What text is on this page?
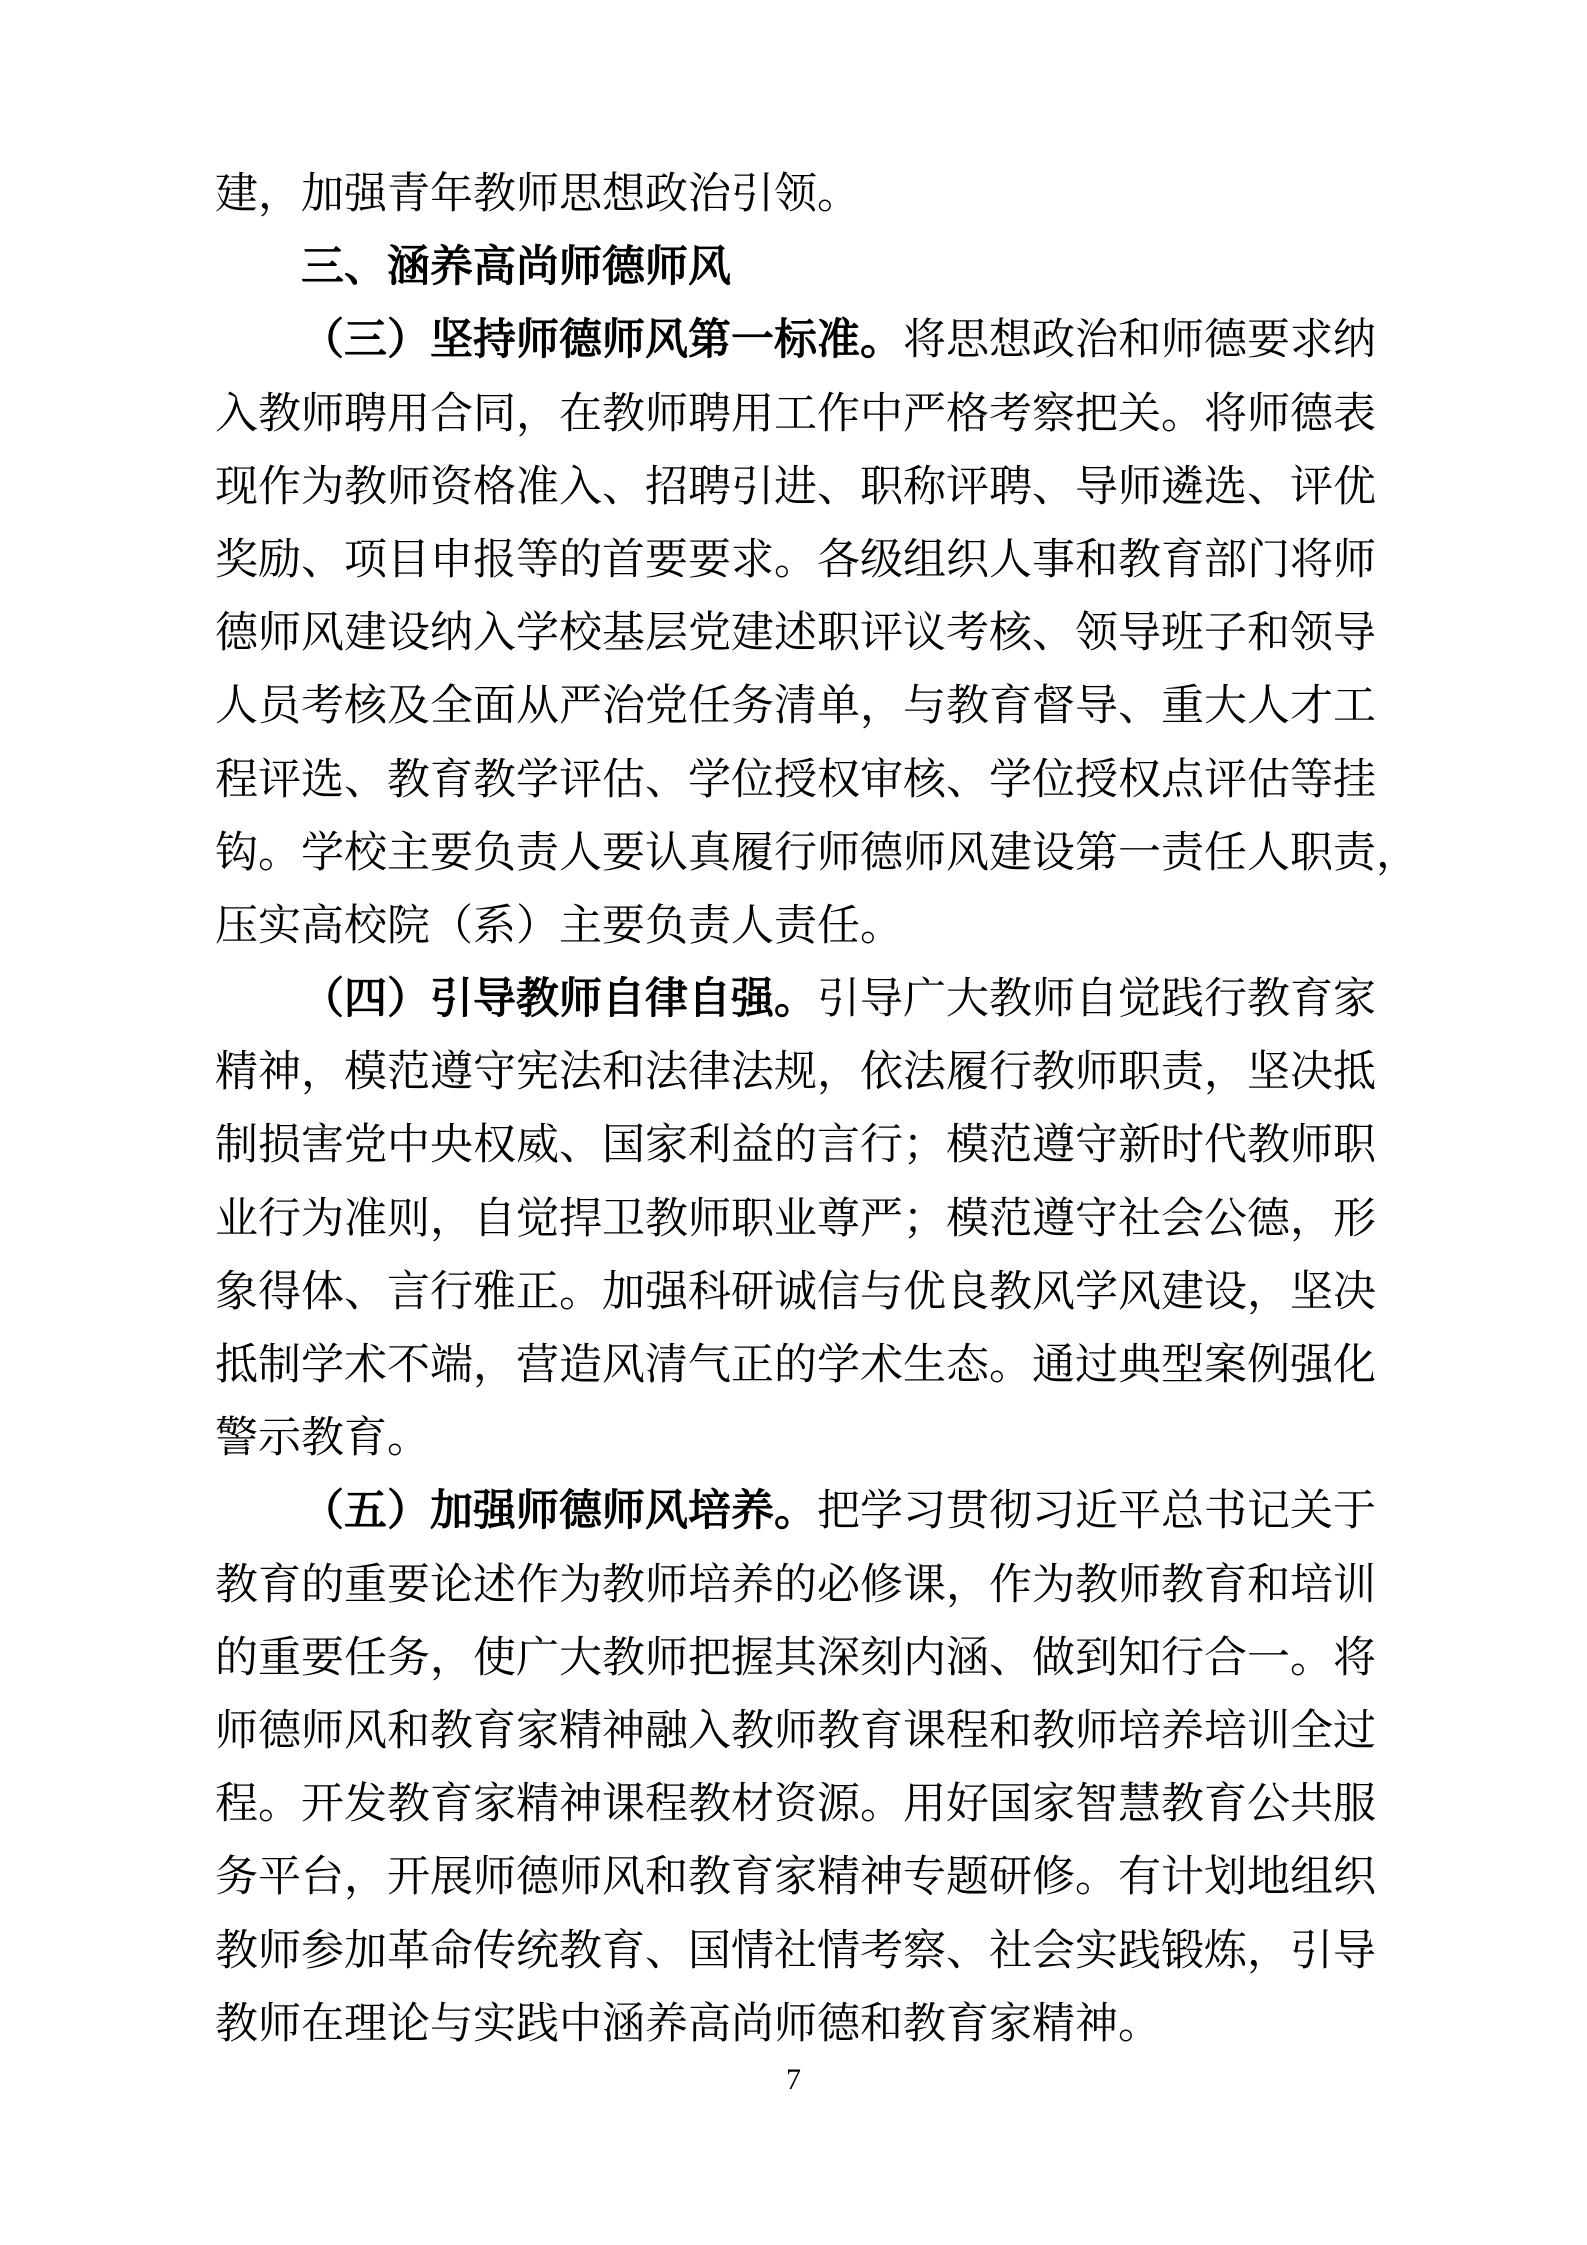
建，加强青年教师思想政治引领。
三、涵养高尚师德师风
（三）坚持师德师风第一标准。将思想政治和师德要求纳
入教师聘用合同，在教师聘用工作中严格考察把关。将师德表
现作为教师资格准入、招聘引进、职称评聘、导师遴选、评优
奖励、项目申报等的首要要求。各级组织人事和教育部门将师
德师风建设纳入学校基层党建述职评议考核、领导班子和领导
人员考核及全面从严治党任务清单，与教育督导、重大人才工
程评选、教育教学评估、学位授权审核、学位授权点评估等挂
钩。学校主要负责人要认真履行师德师风建设第一责任人职责，
压实高校院（系）主要负责人责任。
（四）引导教师自律自强。引导广大教师自觉践行教育家
精神，模范遵守宪法和法律法规，依法履行教师职责，坚决抵
制损害党中央权威、国家利益的言行；模范遵守新时代教师职
业行为准则，自觉捍卫教师职业尊严；模范遵守社会公德，形
象得体、言行雅正。加强科研诚信与优良教风学风建设，坚决
抵制学术不端，营造风清气正的学术生态。通过典型案例强化
警示教育。
（五）加强师德师风培养。把学习贯彻习近平总书记关于
教育的重要论述作为教师培养的必修课，作为教师教育和培训
的重要任务，使广大教师把握其深刻内涵、做到知行合一。将
师德师风和教育家精神融入教师教育课程和教师培养培训全过
程。开发教育家精神课程教材资源。用好国家智慧教育公共服
务平台，开展师德师风和教育家精神专题研修。有计划地组织
教师参加革命传统教育、国情社情考察、社会实践锻炼，引导
教师在理论与实践中涵养高尚师德和教育家精神。
7
